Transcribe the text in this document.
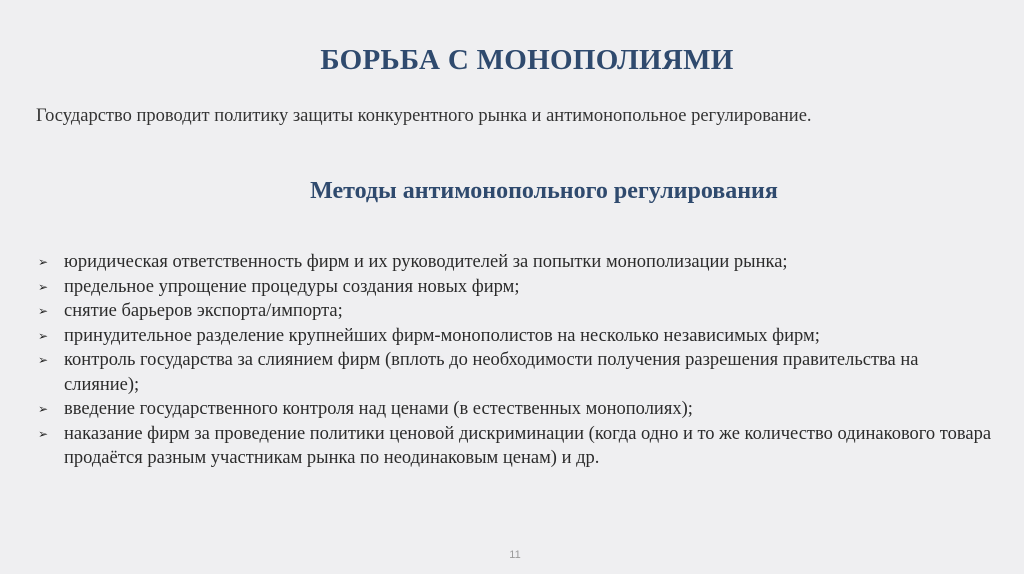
БОРЬБА С МОНОПОЛИЯМИ
Государство проводит политику защиты конкурентного рынка и антимонопольное регулирование.
Методы антимонопольного регулирования
➢ юридическая ответственность фирм и их руководителей за попытки монополизации рынка;
➢ предельное упрощение процедуры создания новых фирм;
➢ снятие барьеров экспорта/импорта;
➢ принудительное разделение крупнейших фирм-монополистов на несколько независимых фирм;
➢ контроль государства за слиянием фирм (вплоть до необходимости получения разрешения правительства на слияние);
➢ введение государственного контроля над ценами (в естественных монополиях);
➢ наказание фирм за проведение политики ценовой дискриминации (когда одно и то же количество одинакового товара продаётся разным участникам рынка по неодинаковым ценам) и др.
11
